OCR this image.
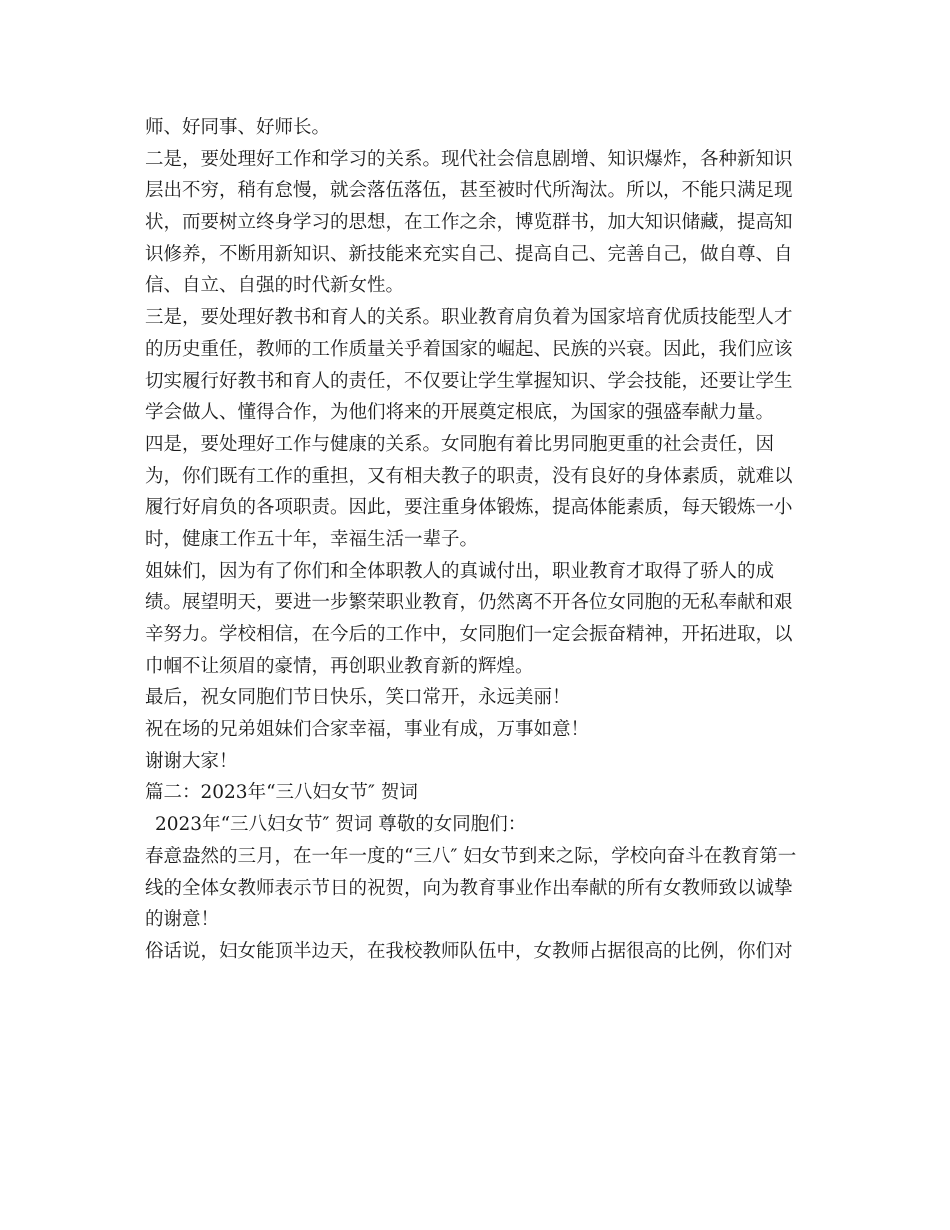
师、好同事、好师长。
二是，要处理好工作和学习的关系。现代社会信息剧增、知识爆炸，各种新知识
层出不穷，稍有怠慢，就会落伍落伍，甚至被时代所淘汰。所以，不能只满足现
状，而要树立终身学习的思想，在工作之余，博览群书，加大知识储藏，提高知
识修养，不断用新知识、新技能来充实自己、提高自己、完善自己，做自尊、自
信、自立、自强的时代新女性。
三是，要处理好教书和育人的关系。职业教育肩负着为国家培育优质技能型人才
的历史重任，教师的工作质量关乎着国家的崛起、民族的兴衰。因此，我们应该
切实履行好教书和育人的责任，不仅要让学生掌握知识、学会技能，还要让学生
学会做人、懂得合作，为他们将来的开展奠定根底，为国家的强盛奉献力量。
四是，要处理好工作与健康的关系。女同胞有着比男同胞更重的社会责任，因
为，你们既有工作的重担，又有相夫教子的职责，没有良好的身体素质，就难以
履行好肩负的各项职责。因此，要注重身体锻炼，提高体能素质，每天锻炼一小
时，健康工作五十年，幸福生活一辈子。
姐妹们，因为有了你们和全体职教人的真诚付出，职业教育才取得了骄人的成
绩。展望明天，要进一步繁荣职业教育，仍然离不开各位女同胞的无私奉献和艰
辛努力。学校相信，在今后的工作中，女同胞们一定会振奋精神，开拓进取，以
巾帼不让须眉的豪情，再创职业教育新的辉煌。
最后，祝女同胞们节日快乐，笑口常开，永远美丽！
祝在场的兄弟姐妹们合家幸福，事业有成，万事如意！
谢谢大家！
篇二：2023年“三八妇女节″ 贺词
2023年“三八妇女节″ 贺词 尊敬的女同胞们：
春意盎然的三月，在一年一度的“三八″ 妇女节到来之际，学校向奋斗在教育第一
线的全体女教师表示节日的祝贺，向为教育事业作出奉献的所有女教师致以诚挚
的谢意！
俗话说，妇女能顶半边天，在我校教师队伍中，女教师占据很高的比例，你们对
